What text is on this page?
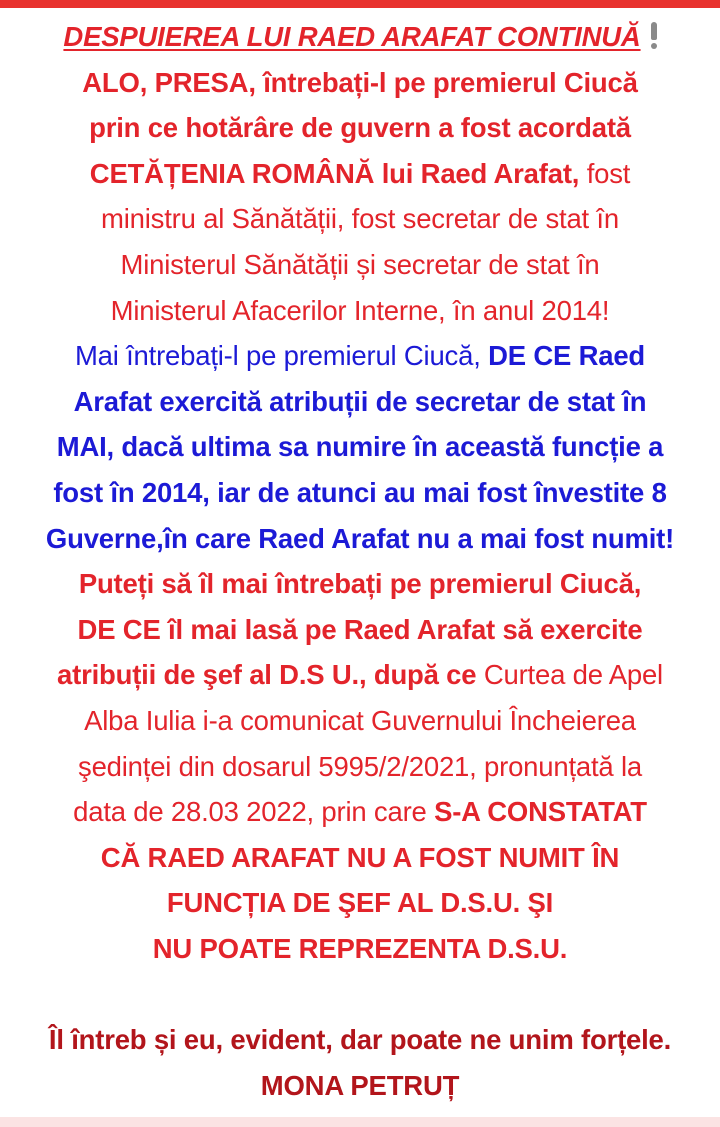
DESPUIEREA LUI RAED ARAFAT CONTINUĂ
ALO, PRESA, întrebați-l pe premierul Ciucă
prin ce hotărâre de guvern a fost acordată
CETĂȚENIA ROMÂNĂ lui Raed Arafat, fost
ministru al Sănătății, fost secretar de stat în
Ministerul Sănătății și secretar de stat în
Ministerul Afacerilor Interne, în anul 2014!
Mai întrebați-l pe premierul Ciucă, DE CE Raed
Arafat exercită atribuții de secretar de stat în
MAI, dacă ultima sa numire în această funcție a
fost în 2014, iar de atunci au mai fost învestite 8
Guverne,în care Raed Arafat nu a mai fost numit!
Puteți să îl mai întrebați pe premierul Ciucă,
DE CE îl mai lasă pe Raed Arafat să exercite
atribuții de şef al D.S U., după ce Curtea de Apel
Alba Iulia i-a comunicat Guvernului Încheierea
şedinței din dosarul 5995/2/2021, pronunțată la
data de 28.03 2022, prin care S-A CONSTATAT
CĂ RAED ARAFAT NU A FOST NUMIT ÎN
FUNCȚIA DE ŞEF AL D.S.U. ŞI
NU POATE REPREZENTA D.S.U.
Îl întreb și eu, evident, dar poate ne unim forțele.
MONA PETRUȚ
